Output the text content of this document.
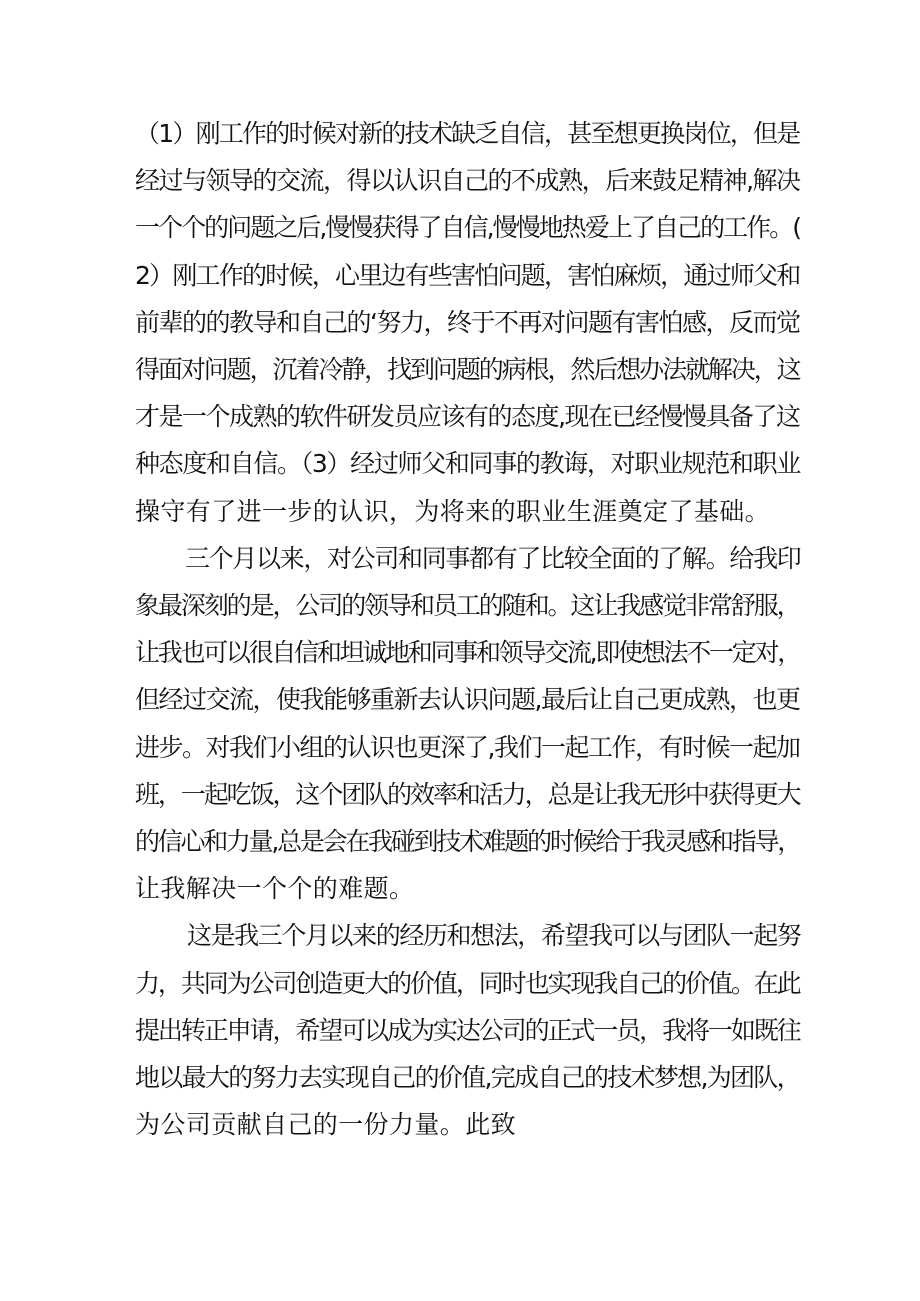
（1）刚工作的时候对新的技术缺乏自信，甚至想更换岗位，但是
经过与领导的交流，得以认识自己的不成熟，后来鼓足精神,解决
一个个的问题之后,慢慢获得了自信,慢慢地热爱上了自己的工作。(
2）刚工作的时候，心里边有些害怕问题，害怕麻烦，通过师父和
前辈的的教导和自己的‘努力，终于不再对问题有害怕感，反而觉
得面对问题，沉着冷静，找到问题的病根，然后想办法就解决，这
才是一个成熟的软件研发员应该有的态度,现在已经慢慢具备了这
种态度和自信。（3）经过师父和同事的教诲，对职业规范和职业
操守有了进一步的认识，为将来的职业生涯奠定了基础。
三个月以来，对公司和同事都有了比较全面的了解。给我印
象最深刻的是，公司的领导和员工的随和。这让我感觉非常舒服，
让我也可以很自信和坦诚地和同事和领导交流,即使想法不一定对，
但经过交流，使我能够重新去认识问题,最后让自己更成熟，也更
进步。对我们小组的认识也更深了,我们一起工作，有时候一起加
班，一起吃饭，这个团队的效率和活力，总是让我无形中获得更大
的信心和力量,总是会在我碰到技术难题的时候给于我灵感和指导，
让我解决一个个的难题。
这是我三个月以来的经历和想法，希望我可以与团队一起努
力，共同为公司创造更大的价值，同时也实现我自己的价值。在此
提出转正申请，希望可以成为实达公司的正式一员，我将一如既往
地以最大的努力去实现自己的价值,完成自己的技术梦想,为团队，
为公司贡献自己的一份力量。此致
